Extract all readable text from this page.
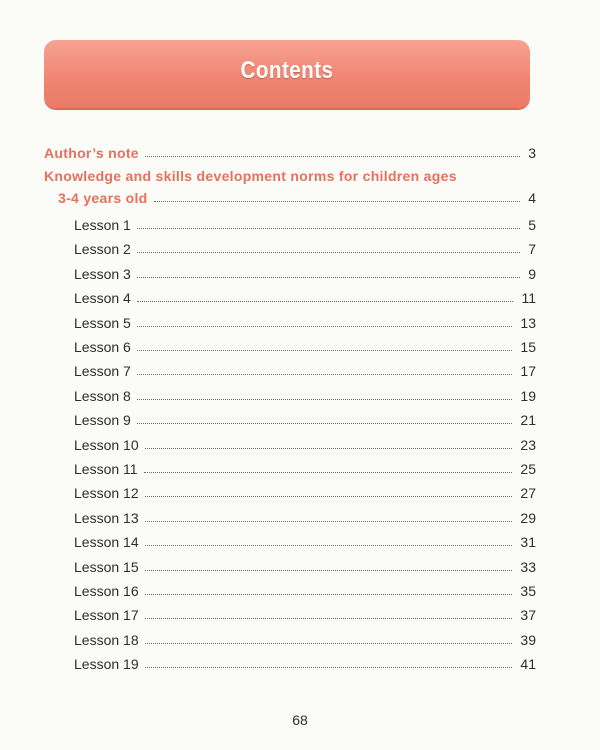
Contents
Author’s note	3
Knowledge and skills development norms for children ages
3-4 years old	4
Lesson 1	5
Lesson 2	7
Lesson 3	9
Lesson 4	11
Lesson 5	13
Lesson 6	15
Lesson 7	17
Lesson 8	19
Lesson 9	21
Lesson 10	23
Lesson 11	25
Lesson 12	27
Lesson 13	29
Lesson 14	31
Lesson 15	33
Lesson 16	35
Lesson 17	37
Lesson 18	39
Lesson 19	41
68
